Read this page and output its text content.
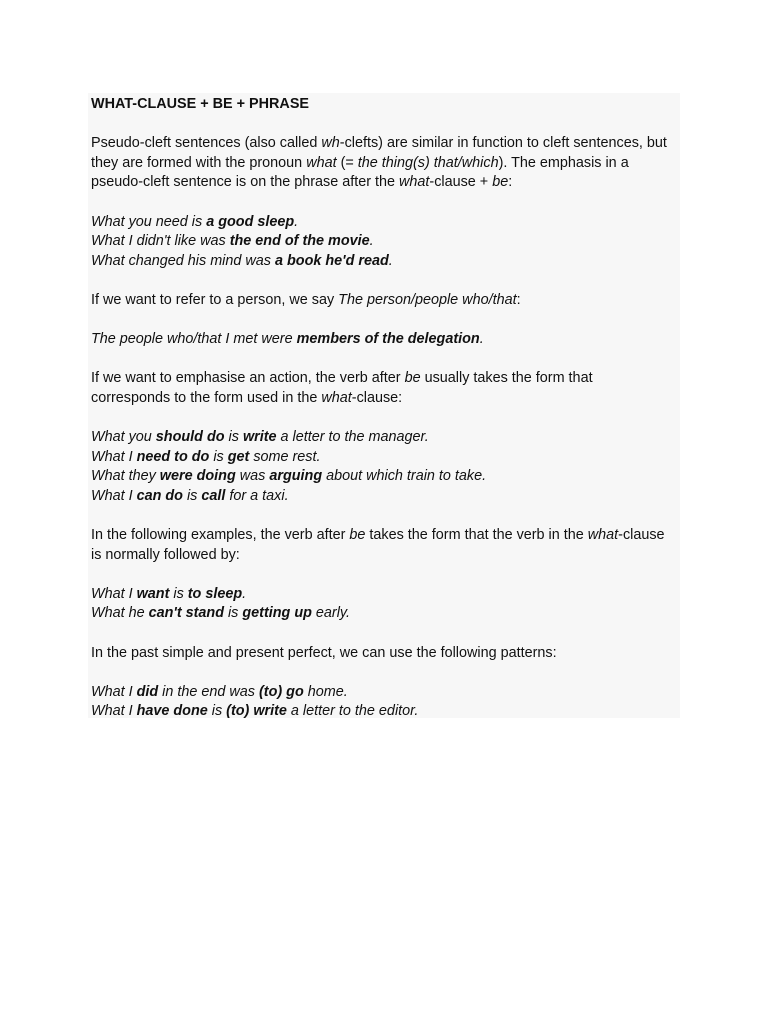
WHAT-CLAUSE + BE + PHRASE

Pseudo-cleft sentences (also called wh-clefts) are similar in function to cleft sentences, but they are formed with the pronoun what (= the thing(s) that/which). The emphasis in a pseudo-cleft sentence is on the phrase after the what-clause + be:

What you need is a good sleep.

What I didn't like was the end of the movie.

What changed his mind was a book he'd read.

If we want to refer to a person, we say The person/people who/that:

The people who/that I met were members of the delegation.

If we want to emphasise an action, the verb after be usually takes the form that corresponds to the form used in the what-clause:

What you should do is write a letter to the manager.

What I need to do is get some rest.

What they were doing was arguing about which train to take.

What I can do is call for a taxi.

In the following examples, the verb after be takes the form that the verb in the what-clause is normally followed by:

What I want is to sleep.

What he can't stand is getting up early.

In the past simple and present perfect, we can use the following patterns:

What I did in the end was (to) go home.

What I have done is (to) write a letter to the editor.
